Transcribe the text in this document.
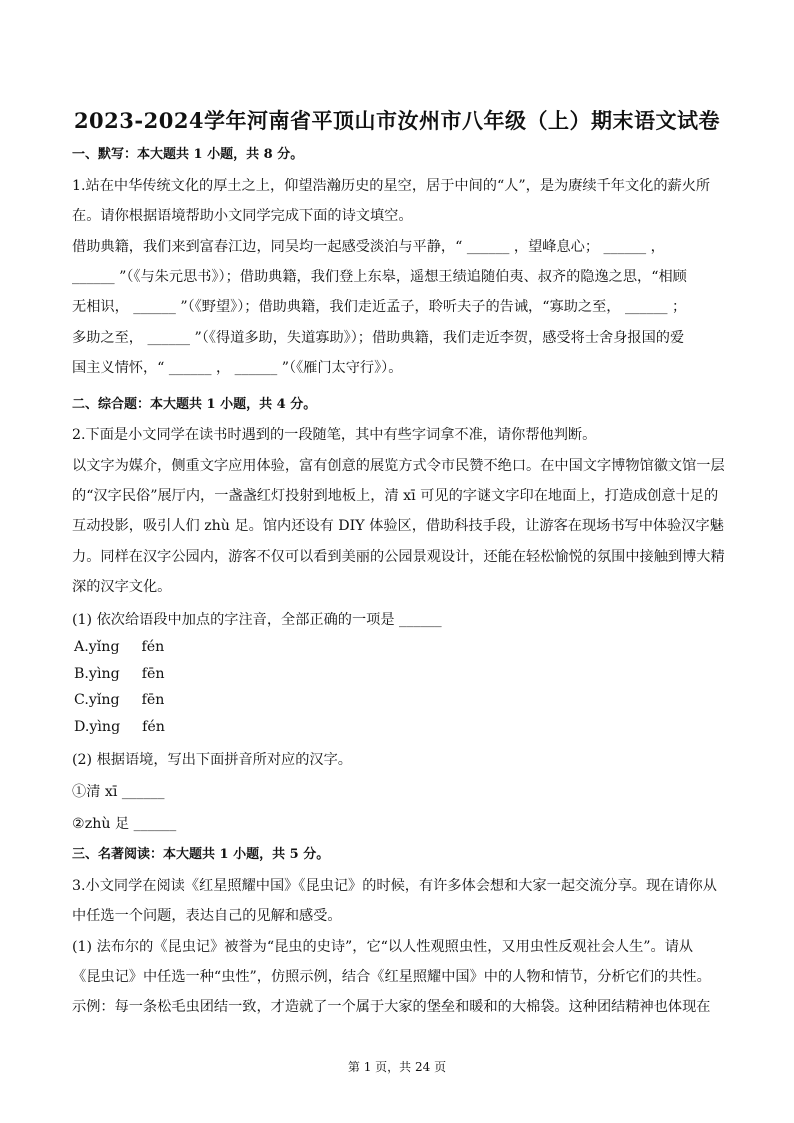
2023-2024学年河南省平顶山市汝州市八年级（上）期末语文试卷
一、默写：本大题共 1 小题，共 8 分。
1.站在中华传统文化的厚土之上，仰望浩瀚历史的星空，居于中间的“人”，是为赓续千年文化的薪火所
在。请你根据语境帮助小文同学完成下面的诗文填空。
借助典籍，我们来到富春江边，同吴均一起感受淡泊与平静，“ ______ ，望峰息心； ______ ，
______ ”（《与朱元思书》）；借助典籍，我们登上东皋，遥想王绩追随伯夷、叔齐的隐逸之思，“相顾
无相识， ______ ”（《野望》）；借助典籍，我们走近孟子，聆听夫子的告诫，“寡助之至， ______ ；
多助之至， ______ ”（《得道多助，失道寡助》）；借助典籍，我们走近李贺，感受将士舍身报国的爱
国主义情怀，“ ______ ， ______ ”（《雁门太守行》）。
二、综合题：本大题共 1 小题，共 4 分。
2.下面是小文同学在读书时遇到的一段随笔，其中有些字词拿不准，请你帮他判断。
以文字为媒介，侧重文字应用体验，富有创意的展览方式令市民赞不绝口。在中国文字博物馆徽文馆一层
的“汉字民俗”展厅内，一盏盏红灯投射到地板上，清 xī 可见的字谜文字印在地面上，打造成创意十足的
互动投影，吸引人们 zhù 足。馆内还设有 DIY 体验区，借助科技手段，让游客在现场书写中体验汉字魅
力。同样在汉字公园内，游客不仅可以看到美丽的公园景观设计，还能在轻松愉悦的氛围中接触到博大精
深的汉字文化。
(1) 依次给语段中加点的字注音，全部正确的一项是 ______
A.yǐng fén
B.yìng fēn
C.yǐng fēn
D.yìng fén
(2) 根据语境，写出下面拼音所对应的汉字。
①清 xī ______
②zhù 足 ______
三、名著阅读：本大题共 1 小题，共 5 分。
3.小文同学在阅读《红星照耀中国》《昆虫记》的时候，有许多体会想和大家一起交流分享。现在请你从
中任选一个问题，表达自己的见解和感受。
(1) 法布尔的《昆虫记》被誉为“昆虫的史诗”，它“以人性观照虫性，又用虫性反观社会人生”。请从
《昆虫记》中任选一种“虫性”，仿照示例，结合《红星照耀中国》中的人物和情节，分析它们的共性。
示例：每一条松毛虫团结一致，才造就了一个属于大家的堡垒和暖和的大棉袋。这种团结精神也体现在
第 1 页，共 24 页
